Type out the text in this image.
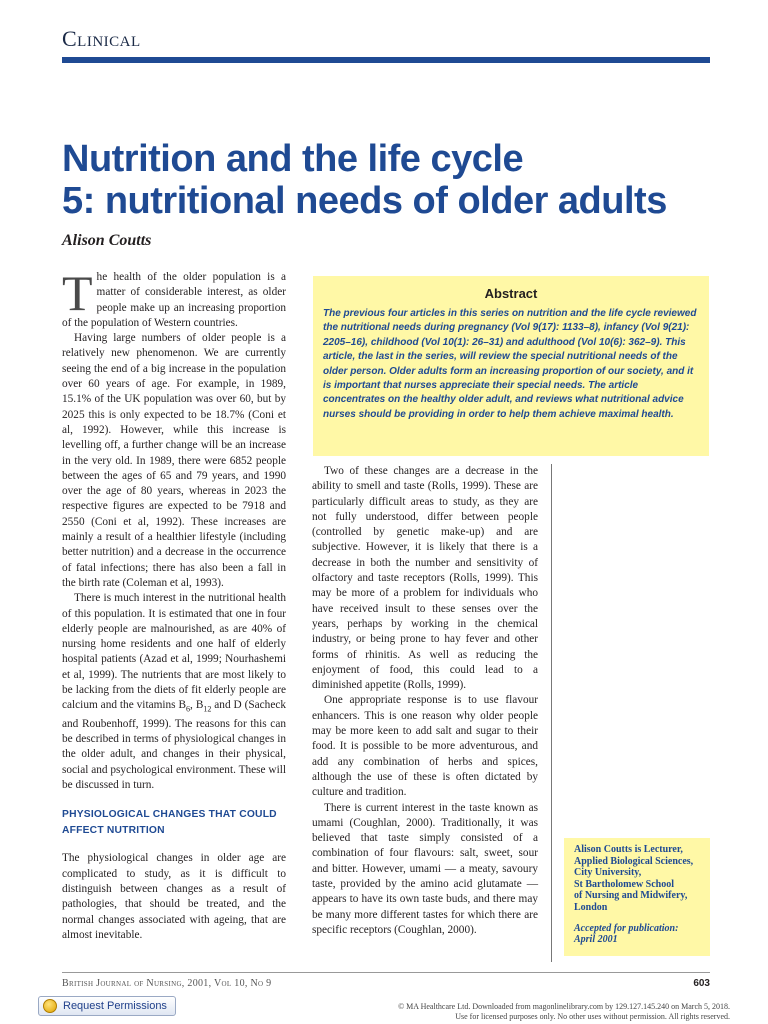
Clinical
Nutrition and the life cycle
5: nutritional needs of older adults
Alison Coutts

The health of the older population is a matter of considerable interest, as older people make up an increasing proportion of the population of Western countries.

Having large numbers of older people is a relatively new phenomenon. We are currently seeing the end of a big increase in the population over 60 years of age. For example, in 1989, 15.1% of the UK population was over 60, but by 2025 this is only expected to be 18.7% (Coni et al, 1992). However, while this increase is levelling off, a further change will be an increase in the very old. In 1989, there were 6852 people between the ages of 65 and 79 years, and 1990 over the age of 80 years, whereas in 2023 the respective figures are expected to be 7918 and 2550 (Coni et al, 1992). These increases are mainly a result of a healthier lifestyle (including better nutrition) and a decrease in the occurrence of fatal infections; there has also been a fall in the birth rate (Coleman et al, 1993).

There is much interest in the nutritional health of this population. It is estimated that one in four elderly people are malnourished, as are 40% of nursing home residents and one half of elderly hospital patients (Azad et al, 1999; Nourhashemi et al, 1999). The nutrients that are most likely to be lacking from the diets of fit elderly people are calcium and the vitamins $B_6$, $B_{12}$ and D (Sacheck and Roubenhoff, 1999). The reasons for this can be described in terms of physiological changes in the older adult, and changes in their physical, social and psychological environment. These will be discussed in turn.

PHYSIOLOGICAL CHANGES THAT COULD AFFECT NUTRITION

The physiological changes in older age are complicated to study, as it is difficult to distinguish between changes as a result of pathologies, that should be treated, and the normal changes associated with ageing, that are almost inevitable.

Abstract
The previous four articles in this series on nutrition and the life cycle reviewed the nutritional needs during pregnancy (Vol 9(17): 1133–8), infancy (Vol 9(21): 2205–16), childhood (Vol 10(1): 26–31) and adulthood (Vol 10(6): 362–9). This article, the last in the series, will review the special nutritional needs of the older person. Older adults form an increasing proportion of our society, and it is important that nurses appreciate their special needs. The article concentrates on the healthy older adult, and reviews what nutritional advice nurses should be providing in order to help them achieve maximal health.

Two of these changes are a decrease in the ability to smell and taste (Rolls, 1999). These are particularly difficult areas to study, as they are not fully understood, differ between people (controlled by genetic make-up) and are subjective. However, it is likely that there is a decrease in both the number and sensitivity of olfactory and taste receptors (Rolls, 1999). This may be more of a problem for individuals who have received insult to these senses over the years, perhaps by working in the chemical industry, or being prone to hay fever and other forms of rhinitis. As well as reducing the enjoyment of food, this could lead to a diminished appetite (Rolls, 1999).

One appropriate response is to use flavour enhancers. This is one reason why older people may be more keen to add salt and sugar to their food. It is possible to be more adventurous, and add any combination of herbs and spices, although the use of these is often dictated by culture and tradition.

There is current interest in the taste known as umami (Coughlan, 2000). Traditionally, it was believed that taste simply consisted of a combination of four flavours: salt, sweet, sour and bitter. However, umami — a meaty, savoury taste, provided by the amino acid glutamate — appears to have its own taste buds, and there may be many more different tastes for which there are specific receptors (Coughlan, 2000).

Alison Coutts is Lecturer,
Applied Biological Sciences,
City University,
St Bartholomew School
of Nursing and Midwifery,
London
Accepted for publication:
April 2001
British Journal of Nursing, 2001, Vol 10, No 9	603
Request Permissions	© MA Healthcare Ltd. Downloaded from magonlinelibrary.com by 129.127.145.240 on March 5, 2018.
Use for licensed purposes only. No other uses without permission. All rights reserved.
